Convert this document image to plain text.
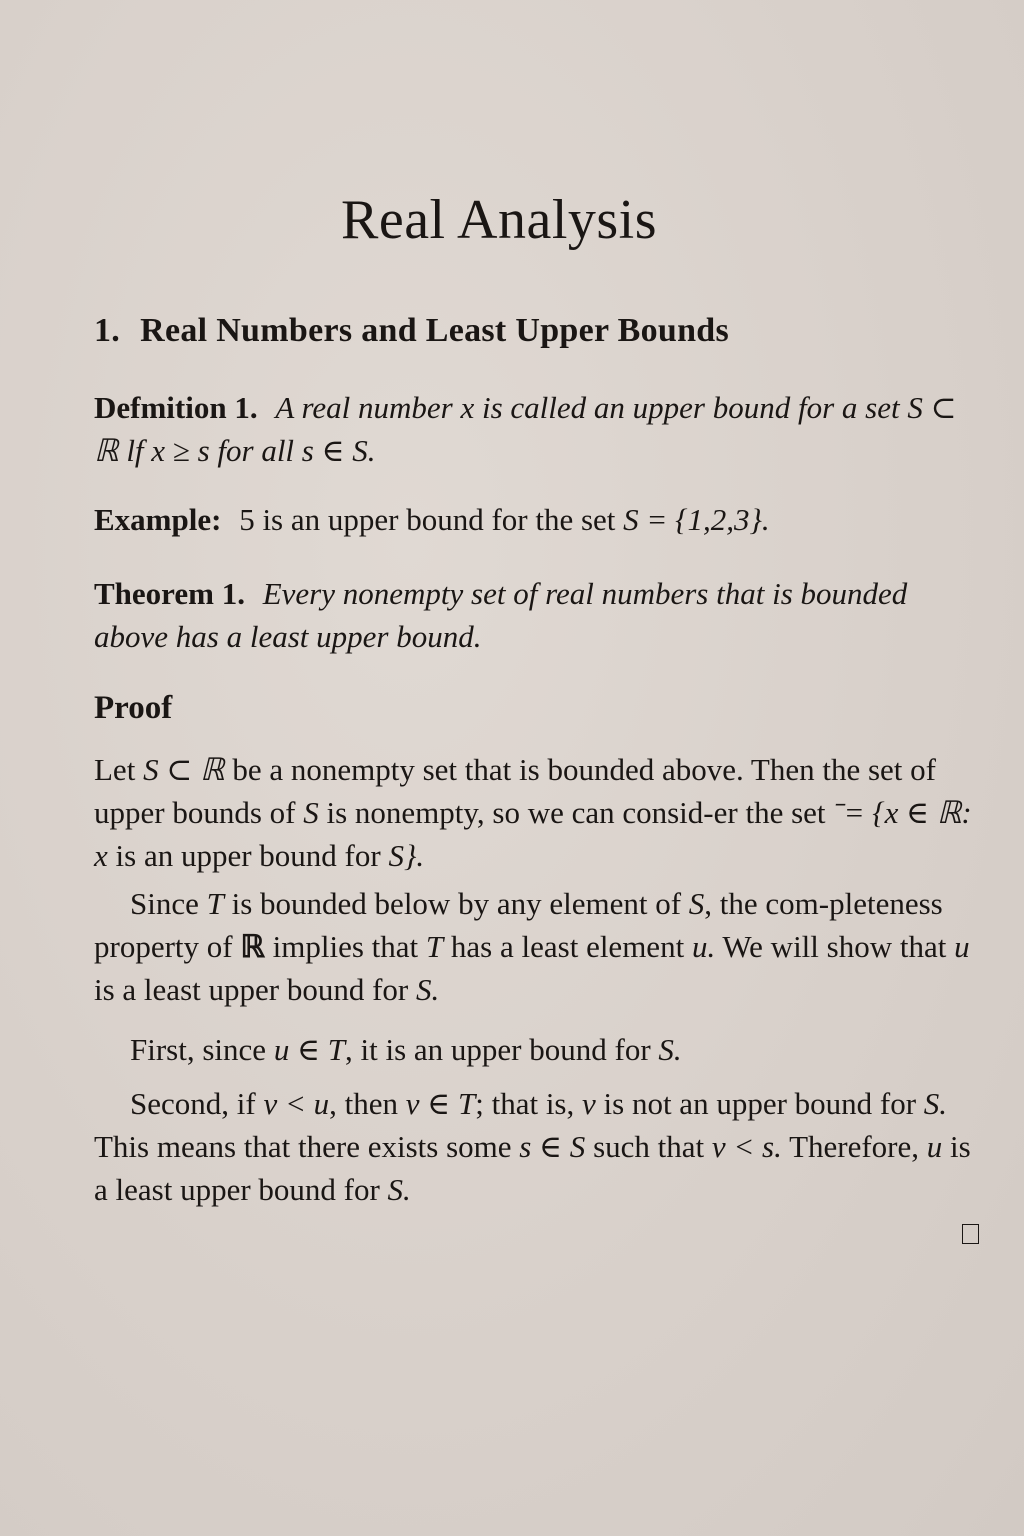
Real Analysis
1. Real Numbers and Least Upper Bounds

Defmition 1. A real number x is called an upper bound for a set S ⊂ ℝ lf x ≥ s for all s ∈ S.

Example: 5 is an upper bound for the set S = {1,2,3}.

Theorem 1. Every nonempty set of real numbers that is bounded above has a least upper bound.

Proof

Let S ⊂ ℝ be a nonempty set that is bounded above. Then the set of upper bounds of S is nonempty, so we can consid-er the set ˉ= {x ∈ ℝ: x is an upper bound for S}.

Since T is bounded below by any element of S, the com-pleteness property of ℝ implies that T has a least element u. We will show that u is a least upper bound for S.

First, since u ∈ T, it is an upper bound for S.

Second, if v < u, then v ∈ T; that is, v is not an upper bound for S. This means that there exists some s ∈ S such that v < s. Therefore, u is a least upper bound for S.
